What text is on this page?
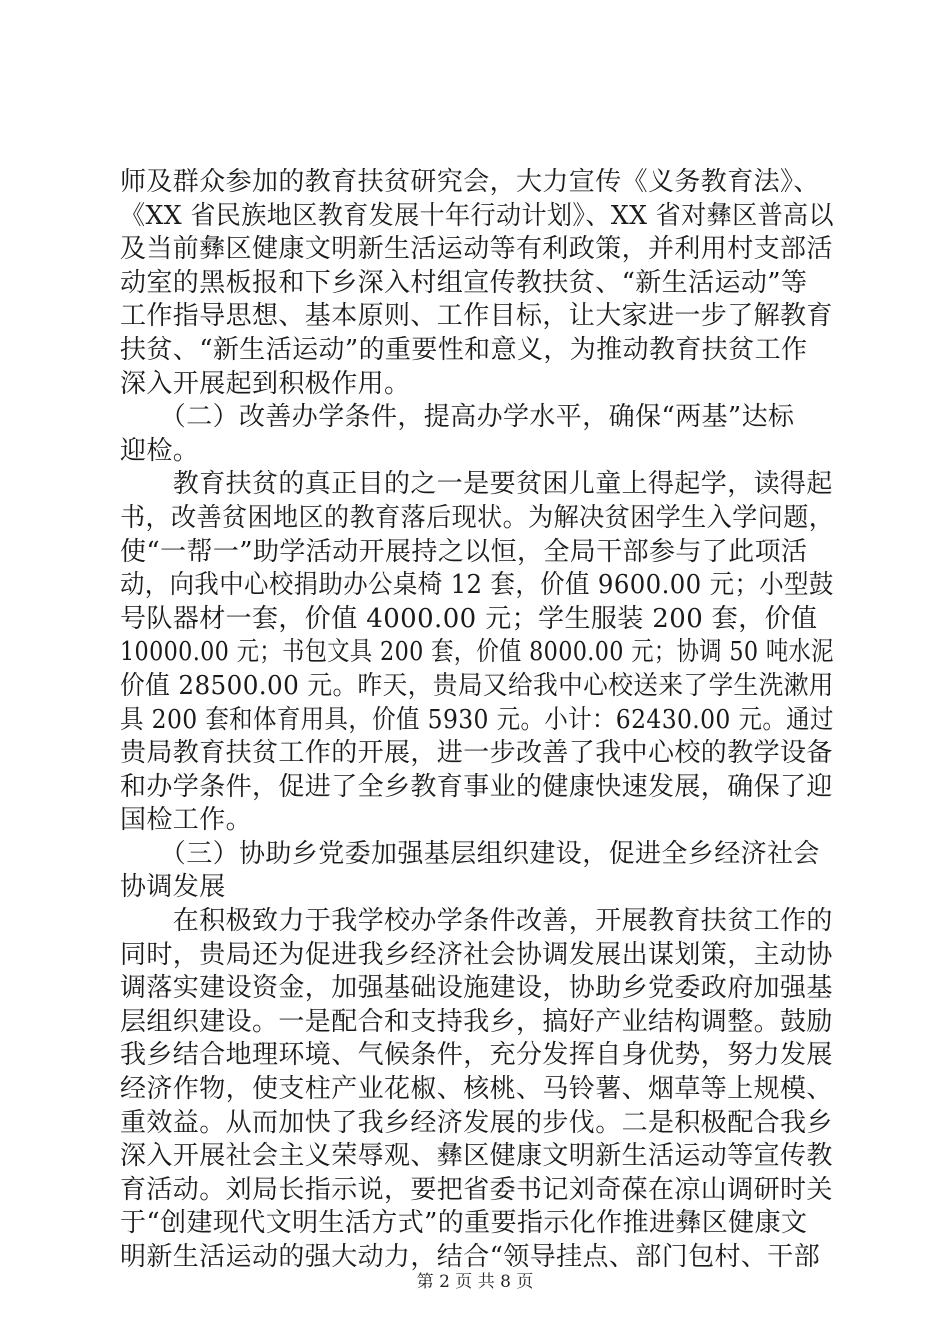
师及群众参加的教育扶贫研究会，大力宣传《义务教育法》、
《XX 省民族地区教育发展十年行动计划》、XX 省对彝区普高以
及当前彝区健康文明新生活运动等有利政策，并利用村支部活
动室的黑板报和下乡深入村组宣传教扶贫、“新生活运动”等
工作指导思想、基本原则、工作目标，让大家进一步了解教育
扶贫、“新生活运动”的重要性和意义，为推动教育扶贫工作
深入开展起到积极作用。
　　（二）改善办学条件，提高办学水平，确保“两基”达标
迎检。
　　教育扶贫的真正目的之一是要贫困儿童上得起学，读得起
书，改善贫困地区的教育落后现状。为解决贫困学生入学问题，
使“一帮一”助学活动开展持之以恒，全局干部参与了此项活
动，向我中心校捐助办公桌椅 12 套，价值 9600.00 元；小型鼓
号队器材一套，价值 4000.00 元；学生服装 200 套，价值
10000.00 元；书包文具 200 套，价值 8000.00 元；协调 50 吨水泥
价值 28500.00 元。昨天，贵局又给我中心校送来了学生洗漱用
具 200 套和体育用具，价值 5930 元。小计：62430.00 元。通过
贵局教育扶贫工作的开展，进一步改善了我中心校的教学设备
和办学条件，促进了全乡教育事业的健康快速发展，确保了迎
国检工作。
　　（三）协助乡党委加强基层组织建设，促进全乡经济社会
协调发展
　　在积极致力于我学校办学条件改善，开展教育扶贫工作的
同时，贵局还为促进我乡经济社会协调发展出谋划策，主动协
调落实建设资金，加强基础设施建设，协助乡党委政府加强基
层组织建设。一是配合和支持我乡，搞好产业结构调整。鼓励
我乡结合地理环境、气候条件，充分发挥自身优势，努力发展
经济作物，使支柱产业花椒、核桃、马铃薯、烟草等上规模、
重效益。从而加快了我乡经济发展的步伐。二是积极配合我乡
深入开展社会主义荣辱观、彝区健康文明新生活运动等宣传教
育活动。刘局长指示说，要把省委书记刘奇葆在凉山调研时关
于“创建现代文明生活方式”的重要指示化作推进彝区健康文
明新生活运动的强大动力，结合“领导挂点、部门包村、干部
第 2 页 共 8 页
